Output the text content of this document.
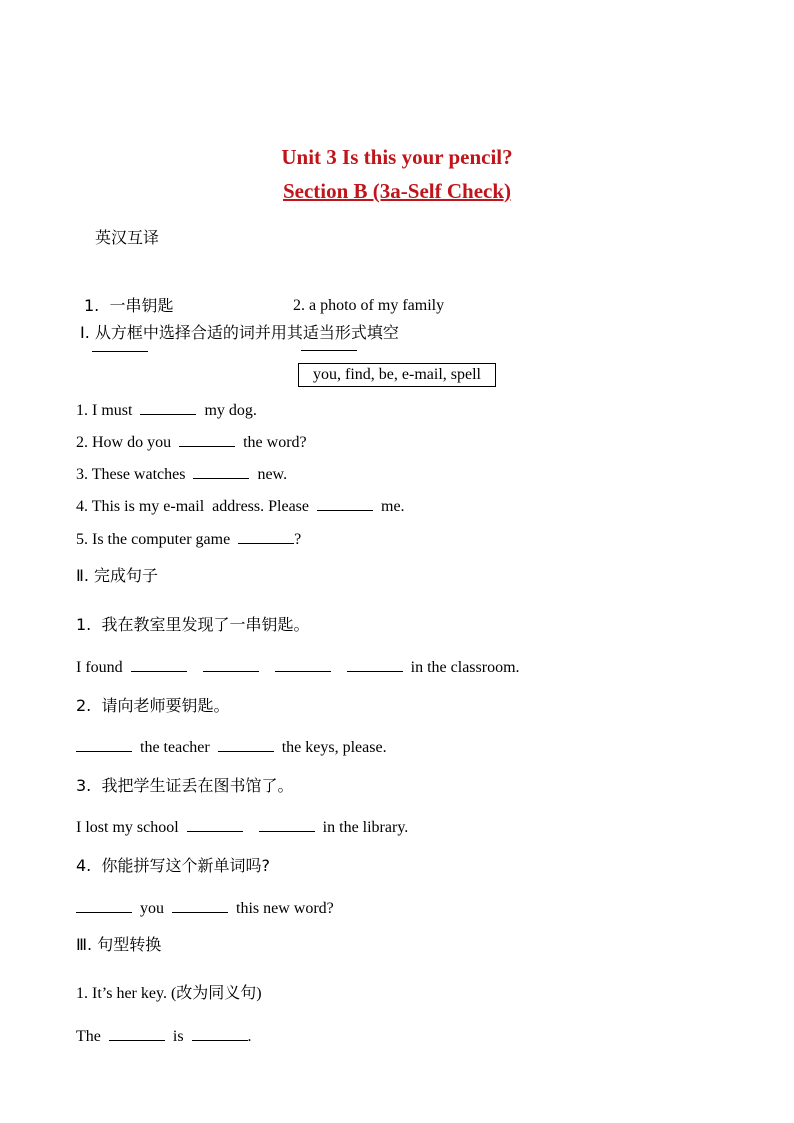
Unit 3 Is this your pencil?
Section B (3a-Self Check)
英汉互译

1.  一串钥匙

	2. a photo of my family

Ⅰ. 从方框中选择合适的词并用其适当形式填空
you, find, be, e-mail, spell
1. I must	my dog.
2. How do you	the word?
3. These watches	new.
4. This is my e-mail  address. Please	me.
5. Is the computer game	?
Ⅱ. 完成句子
1.  我在教室里发现了一串钥匙。
I found	in the classroom.
2.  请向老师要钥匙。
the teacher	the keys, please.
3.  我把学生证丢在图书馆了。
I lost my school	in the library.
4.  你能拼写这个新单词吗?
you	this new word?
Ⅲ. 句型转换
1. It’s her key. (改为同义句)
The	is	.
